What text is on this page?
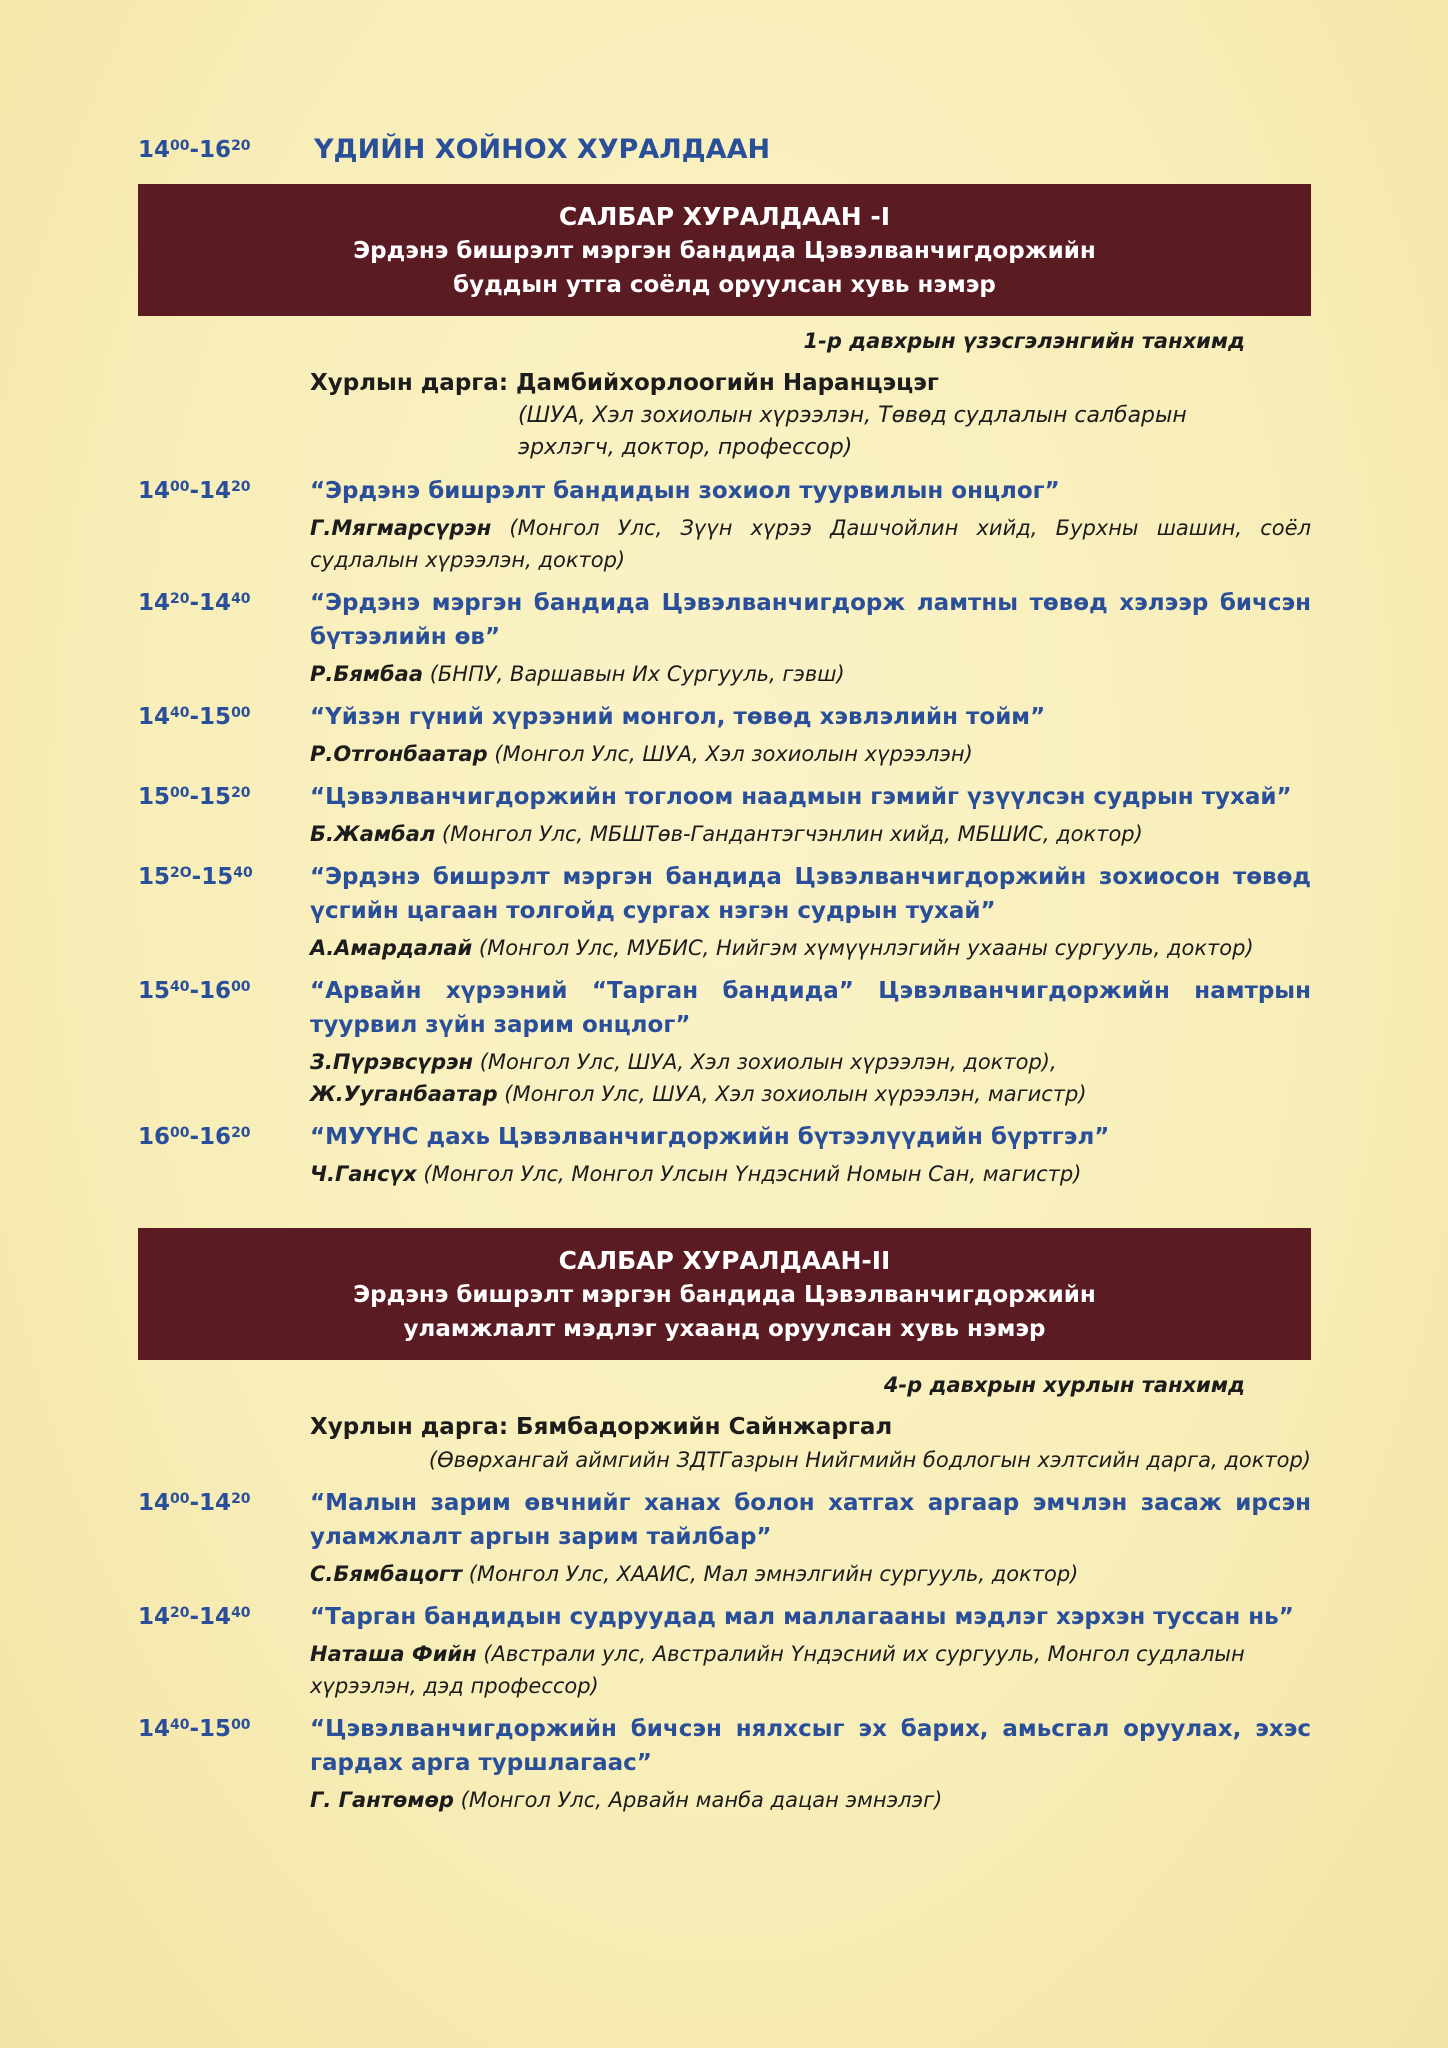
$14^{00}-16^{20}$	ҮДИЙН ХОЙНОХ ХУРАЛДААН
САЛБАР ХУРАЛДААН -I
Эрдэнэ бишрэлт мэргэн бандида Цэвэлванчигдоржийн
буддын утга соёлд оруулсан хувь нэмэр
1-р давхрын үзэсгэлэнгийн танхимд
Хурлын дарга: Дамбийхорлоогийн Наранцэцэг
(ШУА, Хэл зохиолын хүрээлэн, Төвөд судлалын салбарын
эрхлэгч, доктор, профессор)
$14^{00}-14^{20}$	“Эрдэнэ бишрэлт бандидын зохиол туурвилын онцлог”
Г.Мягмарсүрэн (Монгол Улс, Зүүн хүрээ Дашчойлин хийд, Бурхны шашин, соёл судлалын хүрээлэн, доктор)
$14^{20}-14^{40}$	“Эрдэнэ мэргэн бандида Цэвэлванчигдорж ламтны төвөд хэлээр бичсэн бүтээлийн өв”
Р.Бямбаа (БНПУ, Варшавын Их Сургууль, гэвш)
$14^{40}-15^{00}$	“Үйзэн гүний хүрээний монгол, төвөд хэвлэлийн тойм”
Р.Отгонбаатар (Монгол Улс, ШУА, Хэл зохиолын хүрээлэн)
$15^{00}-15^{20}$	“Цэвэлванчигдоржийн тоглоом наадмын гэмийг үзүүлсэн судрын тухай”
Б.Жамбал (Монгол Улс, МБШТөв-Гандантэгчэнлин хийд, МБШИС, доктор)
$15^{2О}-15^{40}$	“Эрдэнэ бишрэлт мэргэн бандида Цэвэлванчигдоржийн зохиосон төвөд үсгийн цагаан толгойд сургах нэгэн судрын тухай”
А.Амардалай (Монгол Улс, МУБИС, Нийгэм хүмүүнлэгийн ухааны сургууль, доктор)
$15^{40}-16^{00}$	“Арвайн хүрээний “Тарган бандида” Цэвэлванчигдоржийн намтрын туурвил зүйн зарим онцлог”
З.Пүрэвсүрэн (Монгол Улс, ШУА, Хэл зохиолын хүрээлэн, доктор),
Ж.Ууганбаатар (Монгол Улс, ШУА, Хэл зохиолын хүрээлэн, магистр)
$16^{00}-16^{20}$	“МУҮНС дахь Цэвэлванчигдоржийн бүтээлүүдийн бүртгэл”
Ч.Гансүх (Монгол Улс, Монгол Улсын Үндэсний Номын Сан, магистр)
САЛБАР ХУРАЛДААН-II
Эрдэнэ бишрэлт мэргэн бандида Цэвэлванчигдоржийн
уламжлалт мэдлэг ухаанд оруулсан хувь нэмэр
4-р давхрын хурлын танхимд
Хурлын дарга: Бямбадоржийн Сайнжаргал
(Өвөрхангай аймгийн ЗДТГазрын Нийгмийн бодлогын хэлтсийн дарга, доктор)
$14^{00}-14^{20}$	“Малын зарим өвчнийг ханах болон хатгах аргаар эмчлэн засаж ирсэн уламжлалт аргын зарим тайлбар”
С.Бямбацогт (Монгол Улс, ХААИС, Мал эмнэлгийн сургууль, доктор)
$14^{20}-14^{40}$	“Тарган бандидын судруудад мал маллагааны мэдлэг хэрхэн туссан нь”
Наташа Фийн (Австрали улс, Австралийн Үндэсний их сургууль, Монгол судлалын хүрээлэн, дэд профессор)
$14^{40}-15^{00}$	“Цэвэлванчигдоржийн бичсэн нялхсыг эх барих, амьсгал оруулах, эхэс гардах арга туршлагаас”
Г. Гантөмөр (Монгол Улс, Арвайн манба дацан эмнэлэг)
